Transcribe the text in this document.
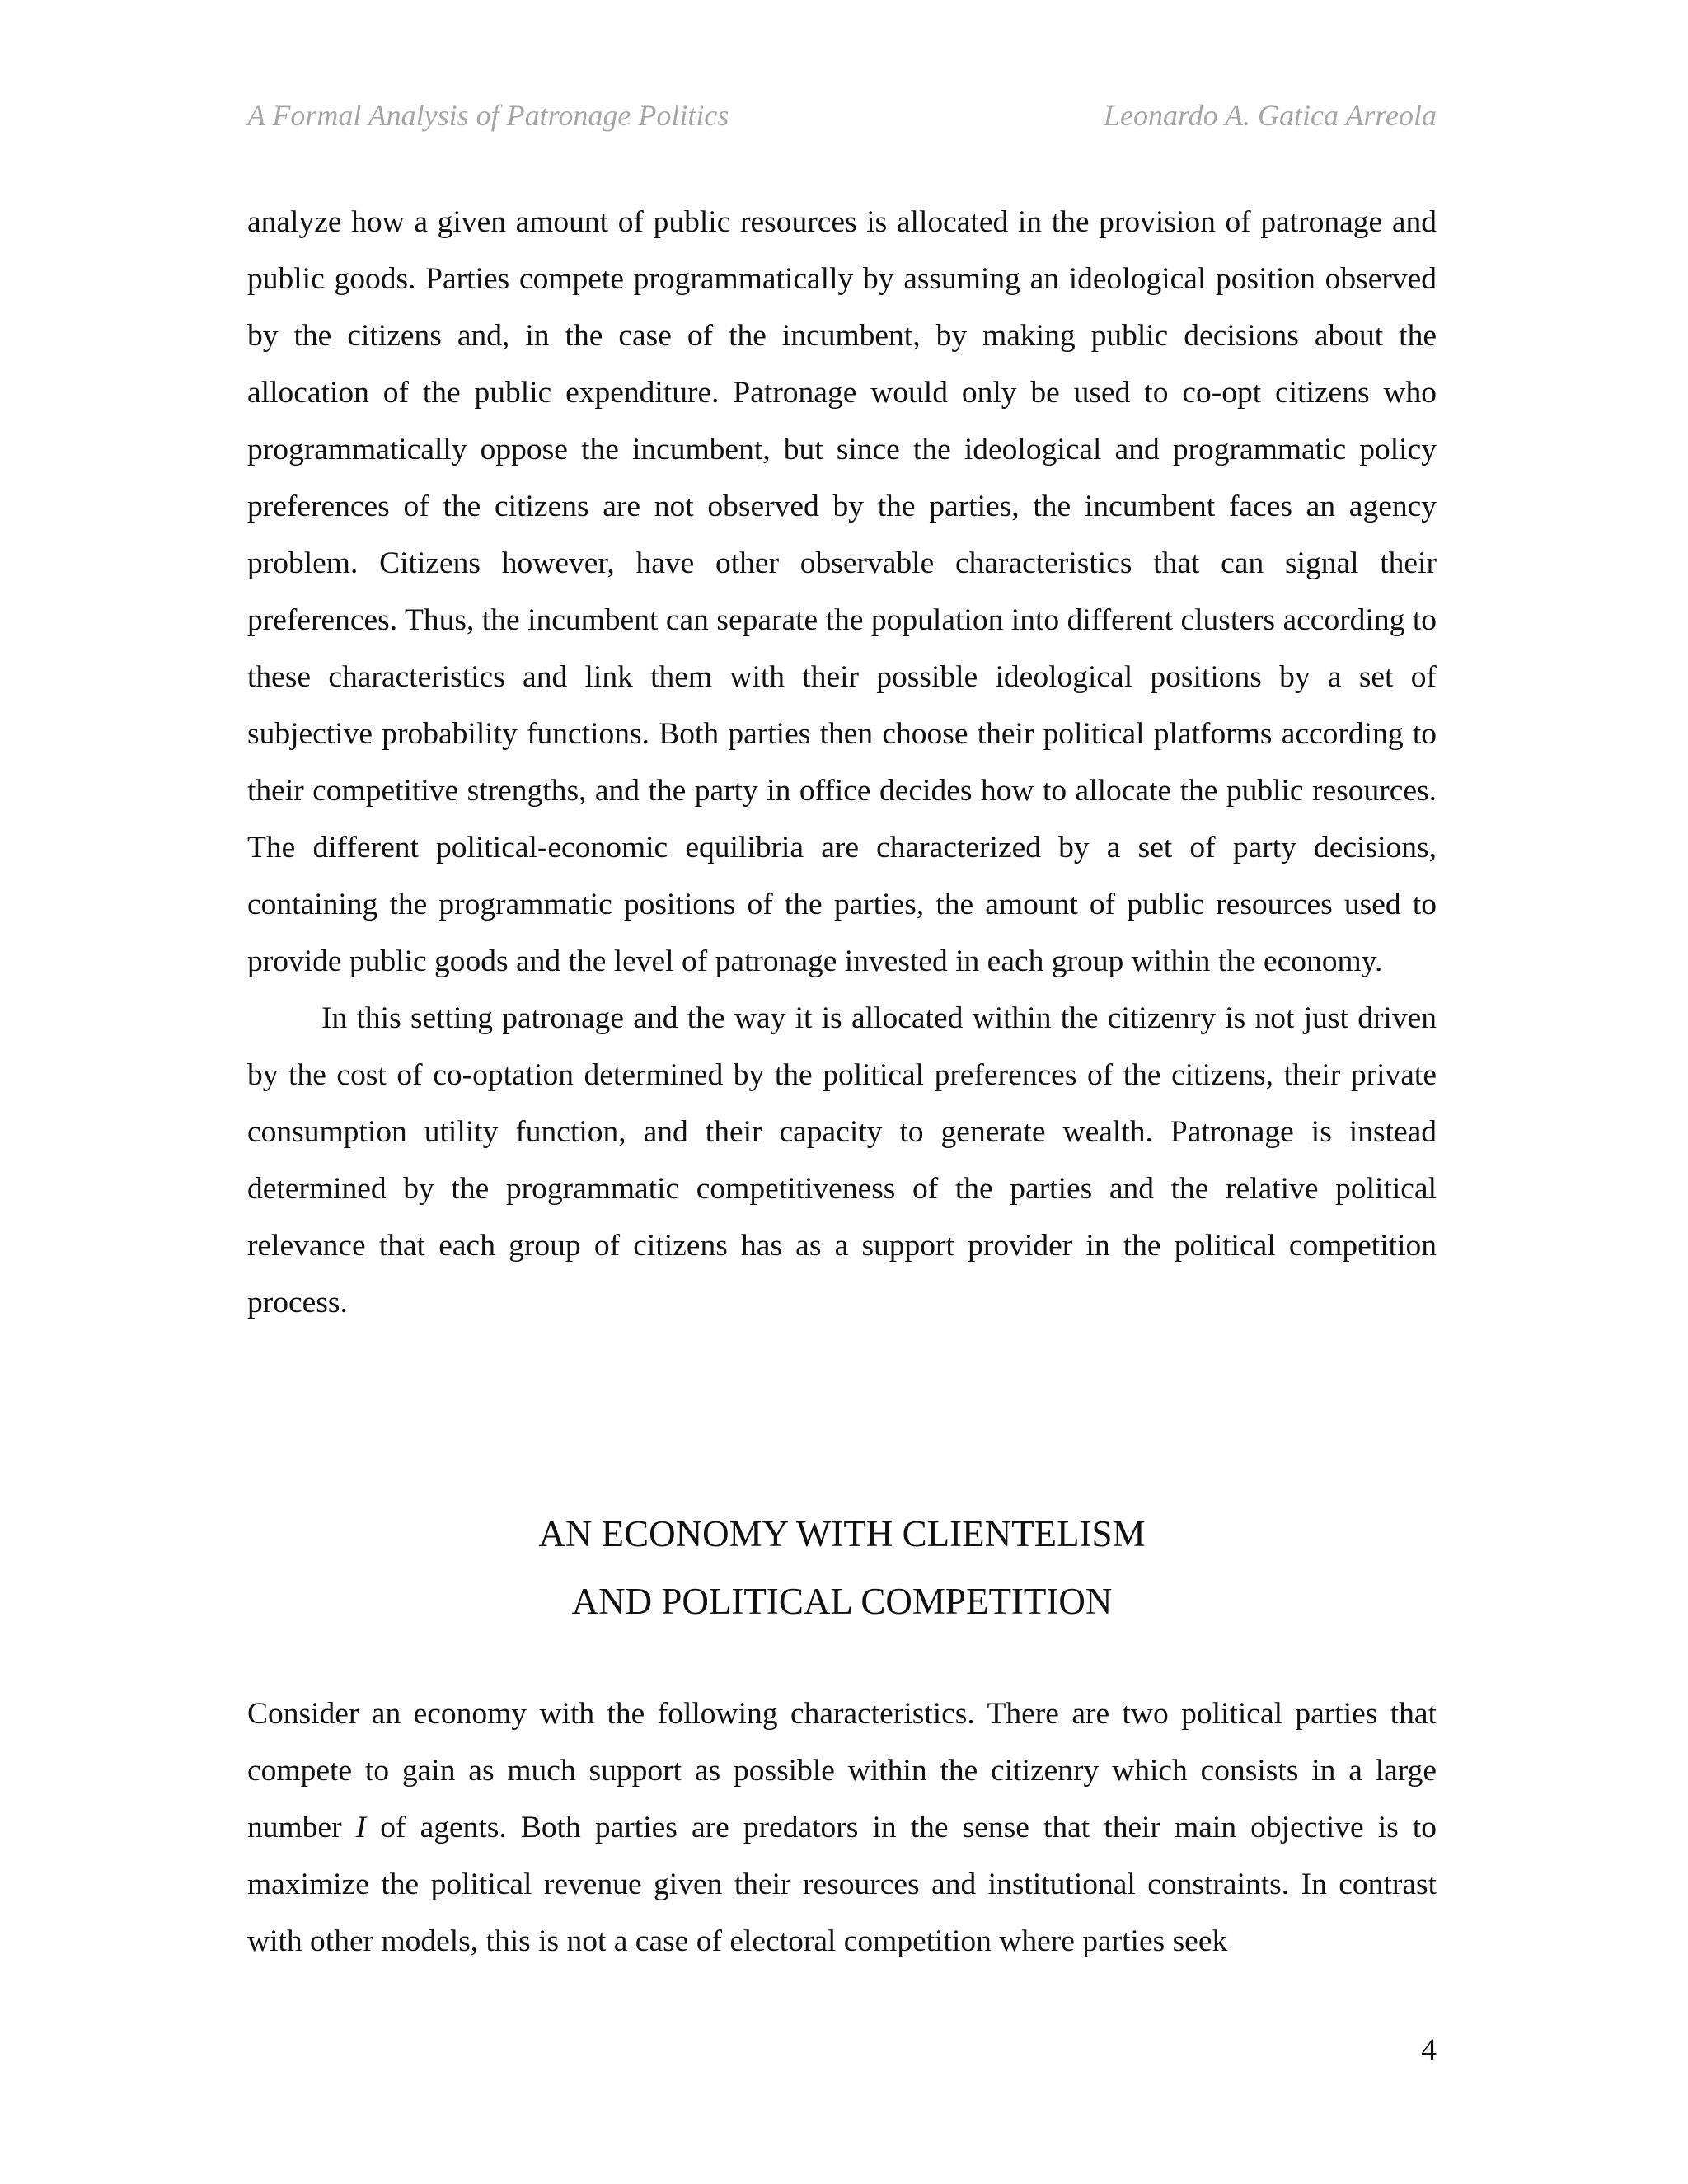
A Formal Analysis of Patronage Politics	Leonardo A. Gatica Arreola

analyze how a given amount of public resources is allocated in the provision of patronage and public goods. Parties compete programmatically by assuming an ideological position observed by the citizens and, in the case of the incumbent, by making public decisions about the allocation of the public expenditure. Patronage would only be used to co-opt citizens who programmatically oppose the incumbent, but since the ideological and programmatic policy preferences of the citizens are not observed by the parties, the incumbent faces an agency problem. Citizens however, have other observable characteristics that can signal their preferences. Thus, the incumbent can separate the population into different clusters according to these characteristics and link them with their possible ideological positions by a set of subjective probability functions. Both parties then choose their political platforms according to their competitive strengths, and the party in office decides how to allocate the public resources. The different political-economic equilibria are characterized by a set of party decisions, containing the programmatic positions of the parties, the amount of public resources used to provide public goods and the level of patronage invested in each group within the economy.

In this setting patronage and the way it is allocated within the citizenry is not just driven by the cost of co-optation determined by the political preferences of the citizens, their private consumption utility function, and their capacity to generate wealth. Patronage is instead determined by the programmatic competitiveness of the parties and the relative political relevance that each group of citizens has as a support provider in the political competition process.

AN ECONOMY WITH CLIENTELISM
AND POLITICAL COMPETITION

Consider an economy with the following characteristics. There are two political parties that compete to gain as much support as possible within the citizenry which consists in a large number I of agents. Both parties are predators in the sense that their main objective is to maximize the political revenue given their resources and institutional constraints. In contrast with other models, this is not a case of electoral competition where parties seek

4
